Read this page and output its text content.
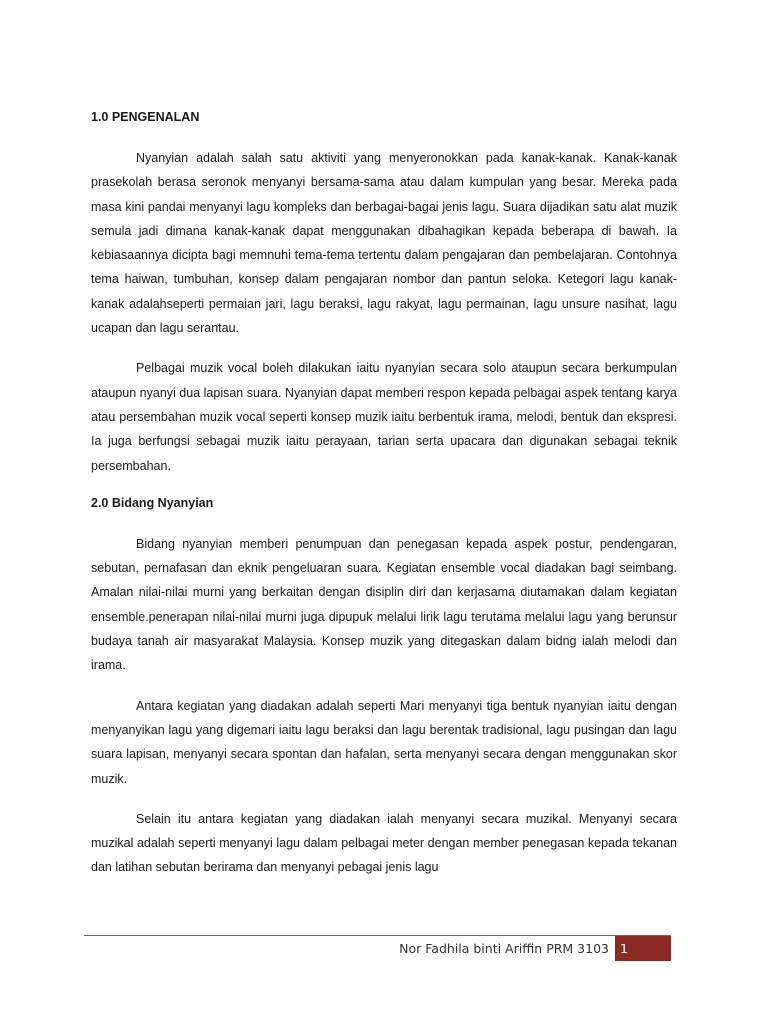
1.0 PENGENALAN

Nyanyian adalah salah satu aktiviti yang menyeronokkan pada kanak-kanak. Kanak-kanak prasekolah berasa seronok menyanyi bersama-sama atau dalam kumpulan yang besar. Mereka pada masa kini pandai menyanyi lagu kompleks dan berbagai-bagai jenis lagu. Suara dijadikan satu alat muzik semula jadi dimana kanak-kanak dapat menggunakan dibahagikan kepada beberapa di bawah. Ia kebiasaannya dicipta bagi memnuhi tema-tema tertentu dalam pengajaran dan pembelajaran. Contohnya tema haiwan, tumbuhan, konsep dalam pengajaran nombor dan pantun seloka. Ketegori lagu kanak-kanak adalahseperti permaian jari, lagu beraksi, lagu rakyat, lagu permainan, lagu unsure nasihat, lagu ucapan dan lagu serantau.

Pelbagai muzik vocal boleh dilakukan iaitu nyanyian secara solo ataupun secara berkumpulan ataupun nyanyi dua lapisan suara. Nyanyian dapat memberi respon kepada pelbagai aspek tentang karya atau persembahan muzik vocal seperti konsep muzik iaitu berbentuk irama, melodi, bentuk dan ekspresi. Ia juga berfungsi sebagai muzik iaitu perayaan, tarian serta upacara dan digunakan sebagai teknik persembahan.

2.0 Bidang Nyanyian

Bidang nyanyian memberi penumpuan dan penegasan kepada aspek postur, pendengaran, sebutan, pernafasan dan eknik pengeluaran suara. Kegiatan ensemble vocal diadakan bagi seimbang. Amalan nilai-nilai murni yang berkaitan dengan disiplin diri dan kerjasama diutamakan dalam kegiatan ensemble.penerapan nilai-nilai murni juga dipupuk melalui lirik lagu terutama melalui lagu yang berunsur budaya tanah air masyarakat Malaysia. Konsep muzik yang ditegaskan dalam bidng ialah melodi dan irama.

Antara kegiatan yang diadakan adalah seperti Mari menyanyi tiga bentuk nyanyian iaitu dengan menyanyikan lagu yang digemari iaitu lagu beraksi dan lagu berentak tradisional, lagu pusingan dan lagu suara lapisan, menyanyi secara spontan dan hafalan, serta menyanyi secara dengan menggunakan skor muzik.

Selain itu antara kegiatan yang diadakan ialah menyanyi secara muzikal. Menyanyi secara muzikal adalah seperti menyanyi lagu dalam pelbagai meter dengan member penegasan kepada tekanan dan latihan sebutan berirama dan menyanyi pebagai jenis lagu

Nor Fadhila binti Ariffin PRM 3103 1
